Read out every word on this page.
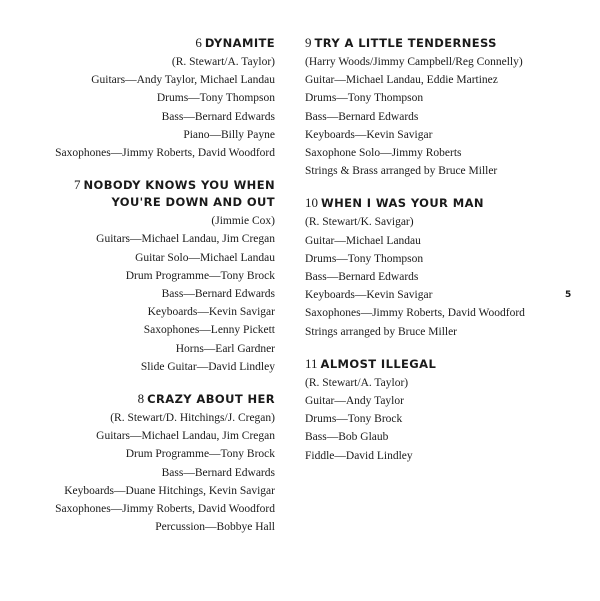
6 DYNAMITE
(R. Stewart/A. Taylor)
Guitars—Andy Taylor, Michael Landau
Drums—Tony Thompson
Bass—Bernard Edwards
Piano—Billy Payne
Saxophones—Jimmy Roberts, David Woodford
7 NOBODY KNOWS YOU WHEN
YOU'RE DOWN AND OUT
(Jimmie Cox)
Guitars—Michael Landau, Jim Cregan
Guitar Solo—Michael Landau
Drum Programme—Tony Brock
Bass—Bernard Edwards
Keyboards—Kevin Savigar
Saxophones—Lenny Pickett
Horns—Earl Gardner
Slide Guitar—David Lindley
8 CRAZY ABOUT HER
(R. Stewart/D. Hitchings/J. Cregan)
Guitars—Michael Landau, Jim Cregan
Drum Programme—Tony Brock
Bass—Bernard Edwards
Keyboards—Duane Hitchings, Kevin Savigar
Saxophones—Jimmy Roberts, David Woodford
Percussion—Bobbye Hall
9 TRY A LITTLE TENDERNESS
(Harry Woods/Jimmy Campbell/Reg Connelly)
Guitar—Michael Landau, Eddie Martinez
Drums—Tony Thompson
Bass—Bernard Edwards
Keyboards—Kevin Savigar
Saxophone Solo—Jimmy Roberts
Strings & Brass arranged by Bruce Miller
10 WHEN I WAS YOUR MAN
(R. Stewart/K. Savigar)
Guitar—Michael Landau
Drums—Tony Thompson
Bass—Bernard Edwards
Keyboards—Kevin Savigar
Saxophones—Jimmy Roberts, David Woodford
Strings arranged by Bruce Miller
11 ALMOST ILLEGAL
(R. Stewart/A. Taylor)
Guitar—Andy Taylor
Drums—Tony Brock
Bass—Bob Glaub
Fiddle—David Lindley
5
